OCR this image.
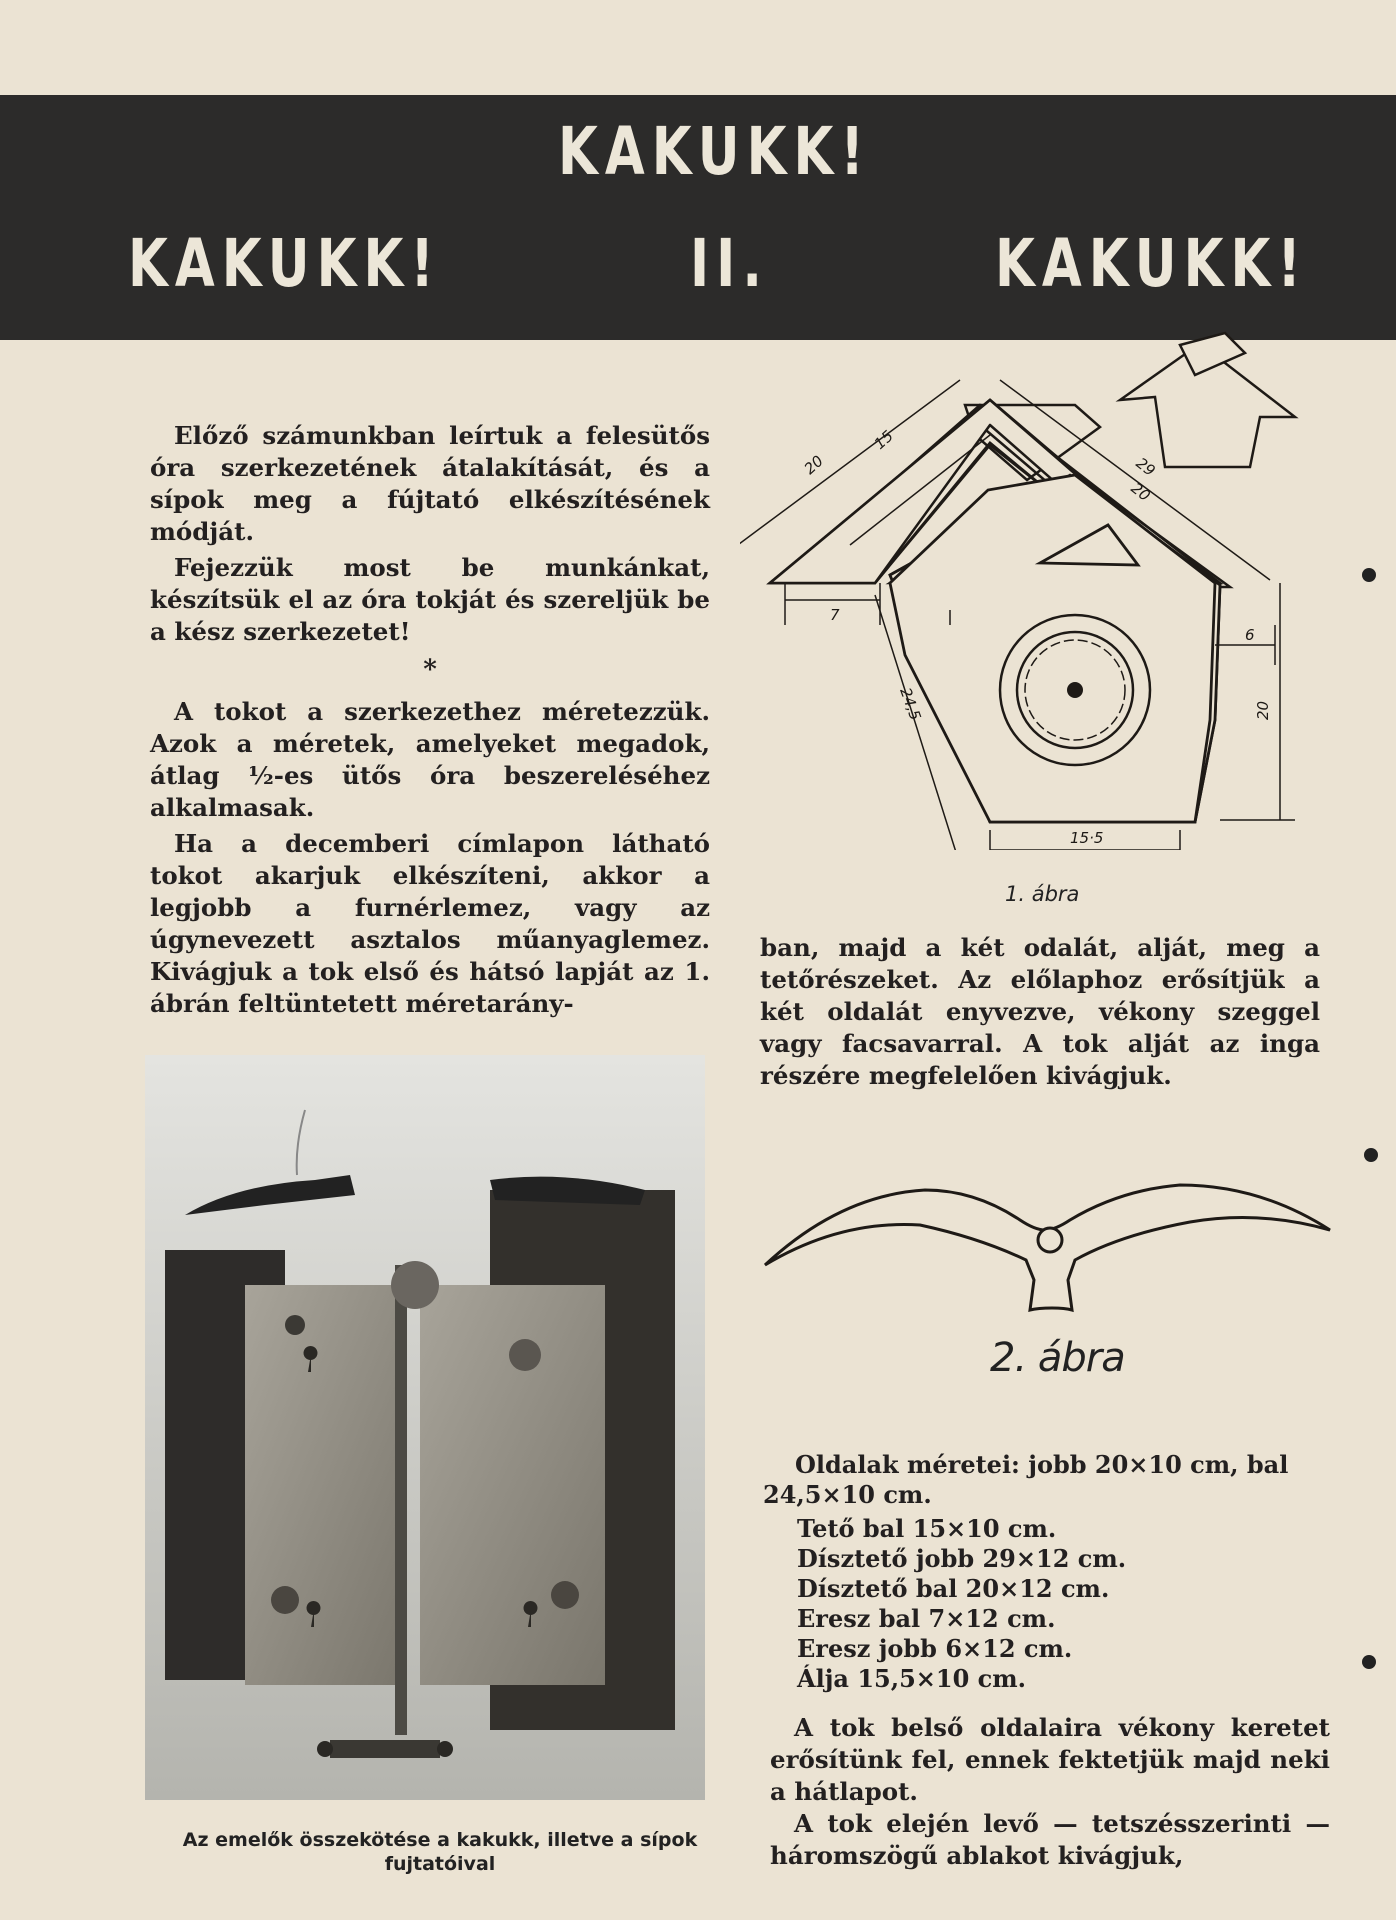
KAKUKK!
KAKUKK!	II.	KAKUKK!

Előző számunkban leírtuk a felesütős óra szerkezetének átalakítását, és a sípok meg a fújtató elkészítésének módját.

Fejezzük most be munkánkat, készítsük el az óra tokját és szereljük be a kész szerkezetet!

*

A tokot a szerkezethez méretezzük. Azok a méretek, amelyeket megadok, átlag ½-es ütős óra beszereléséhez alkalmasak.

Ha a decemberi címlapon látható tokot akarjuk elkészíteni, akkor a legjobb a furnérlemez, vagy az úgynevezett asztalos műanyaglemez. Kivágjuk a tok első és hátsó lapját az 1. ábrán feltüntetett méretarány-

Az emelők összekötése a kakukk, illetve a sípok fujtatóival
20
15
29
20
7
24,5
6
20
15·5
1. ábra

ban, majd a két odalát, alját, meg a tetőrészeket. Az előlaphoz erősítjük a két oldalát enyvezve, vékony szeggel vagy facsavarral. A tok alját az inga részére megfelelően kivágjuk.

2. ábra
Oldalak méretei: jobb 20×10 cm, bal 24,5×10 cm.
Tető bal 15×10 cm.
Dísztető jobb 29×12 cm.
Dísztető bal 20×12 cm.
Eresz bal 7×12 cm.
Eresz jobb 6×12 cm.
Álja 15,5×10 cm.

A tok belső oldalaira vékony keretet erősítünk fel, ennek fektetjük majd neki a hátlapot.

A tok elején levő — tetszésszerinti — háromszögű ablakot kivágjuk,
